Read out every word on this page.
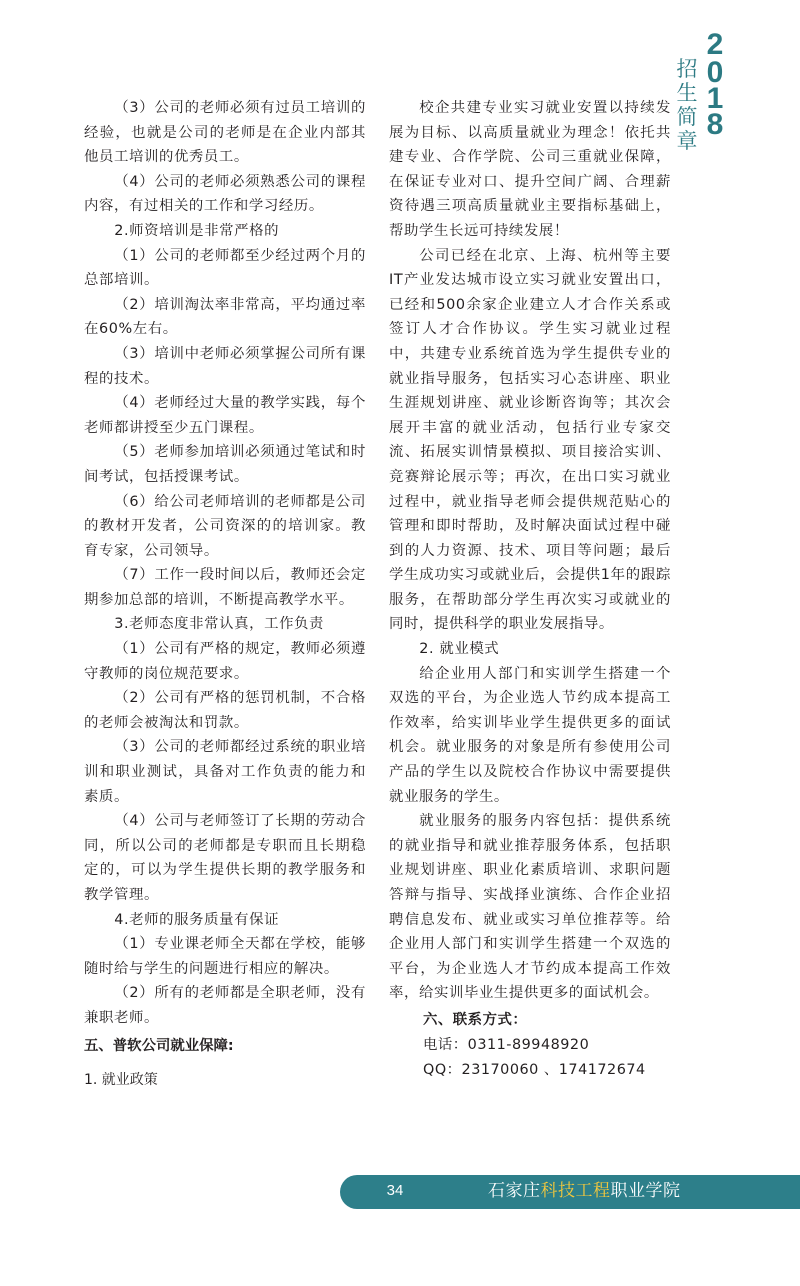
2
0
1
8
招
生
简
章

（3）公司的老师必须有过员工培训的经验，也就是公司的老师是在企业内部其他员工培训的优秀员工。

（4）公司的老师必须熟悉公司的课程内容，有过相关的工作和学习经历。

2.师资培训是非常严格的

（1）公司的老师都至少经过两个月的总部培训。

（2）培训淘汰率非常高，平均通过率在60%左右。

（3）培训中老师必须掌握公司所有课程的技术。

（4）老师经过大量的教学实践，每个老师都讲授至少五门课程。

（5）老师参加培训必须通过笔试和时间考试，包括授课考试。

（6）给公司老师培训的老师都是公司的教材开发者，公司资深的的培训家。教育专家，公司领导。

（7）工作一段时间以后，教师还会定期参加总部的培训，不断提高教学水平。

3.老师态度非常认真，工作负责

（1）公司有严格的规定，教师必须遵守教师的岗位规范要求。

（2）公司有严格的惩罚机制，不合格的老师会被淘汰和罚款。

（3）公司的老师都经过系统的职业培训和职业测试，具备对工作负责的能力和素质。

（4）公司与老师签订了长期的劳动合同，所以公司的老师都是专职而且长期稳定的，可以为学生提供长期的教学服务和教学管理。

4.老师的服务质量有保证

（1）专业课老师全天都在学校，能够随时给与学生的问题进行相应的解决。

（2）所有的老师都是全职老师，没有兼职老师。

五、普软公司就业保障:

1. 就业政策

校企共建专业实习就业安置以持续发展为目标、以高质量就业为理念！依托共建专业、合作学院、公司三重就业保障，在保证专业对口、提升空间广阔、合理薪资待遇三项高质量就业主要指标基础上，帮助学生长远可持续发展！

公司已经在北京、上海、杭州等主要IT产业发达城市设立实习就业安置出口，已经和500余家企业建立人才合作关系或签订人才合作协议。学生实习就业过程中，共建专业系统首选为学生提供专业的就业指导服务，包括实习心态讲座、职业生涯规划讲座、就业诊断咨询等；其次会展开丰富的就业活动，包括行业专家交流、拓展实训情景模拟、项目接洽实训、竞赛辩论展示等；再次，在出口实习就业过程中，就业指导老师会提供规范贴心的管理和即时帮助，及时解决面试过程中碰到的人力资源、技术、项目等问题；最后学生成功实习或就业后，会提供1年的跟踪服务，在帮助部分学生再次实习或就业的同时，提供科学的职业发展指导。

2. 就业模式

给企业用人部门和实训学生搭建一个双选的平台，为企业选人节约成本提高工作效率，给实训毕业学生提供更多的面试机会。就业服务的对象是所有参使用公司产品的学生以及院校合作协议中需要提供就业服务的学生。

就业服务的服务内容包括：提供系统的就业指导和就业推荐服务体系，包括职业规划讲座、职业化素质培训、求职问题答辩与指导、实战择业演练、合作企业招聘信息发布、就业或实习单位推荐等。给企业用人部门和实训学生搭建一个双选的平台，为企业选人才节约成本提高工作效率，给实训毕业生提供更多的面试机会。

六、联系方式：

电话：0311-89948920

QQ：23170060 、174172674

34	石家庄科技工程职业学院
